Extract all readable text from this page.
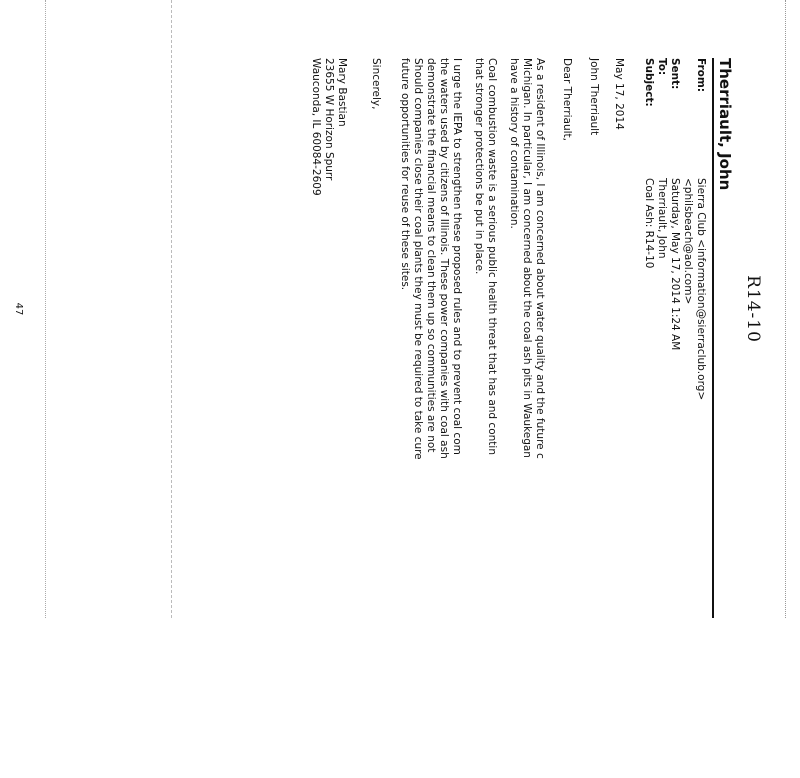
R14-10
Therriault, John
From:
Sierra Club <information@sierraclub.org>
<philsbeach@aol.com>
Sent:
Saturday, May 17, 2014 1:24 AM
To:
Therriault, John
Subject:
Coal Ash: R14-10
May 17, 2014
John Therriault
Dear Therriault,

As a resident of Illinois, I am concerned about water quality and the future c

Michigan. In particular, I am concerned about the coal ash pits in Waukegan

have a history of contamination.

Coal combustion waste is a serious public health threat that has and contin

that stronger protections be put in place.

I urge the IEPA to strengthen these proposed rules and to prevent coal com

the waters used by citizens of Illinois. These power companies with coal ash

demonstrate the financial means to clean them up so communities are not

Should companies close their coal plants they must be required to take cure

future opportunities for reuse of these sites.

Sincerely,

Mary Bastian

23655 W Horizon Spurr

Wauconda, IL 60084-2609

47
